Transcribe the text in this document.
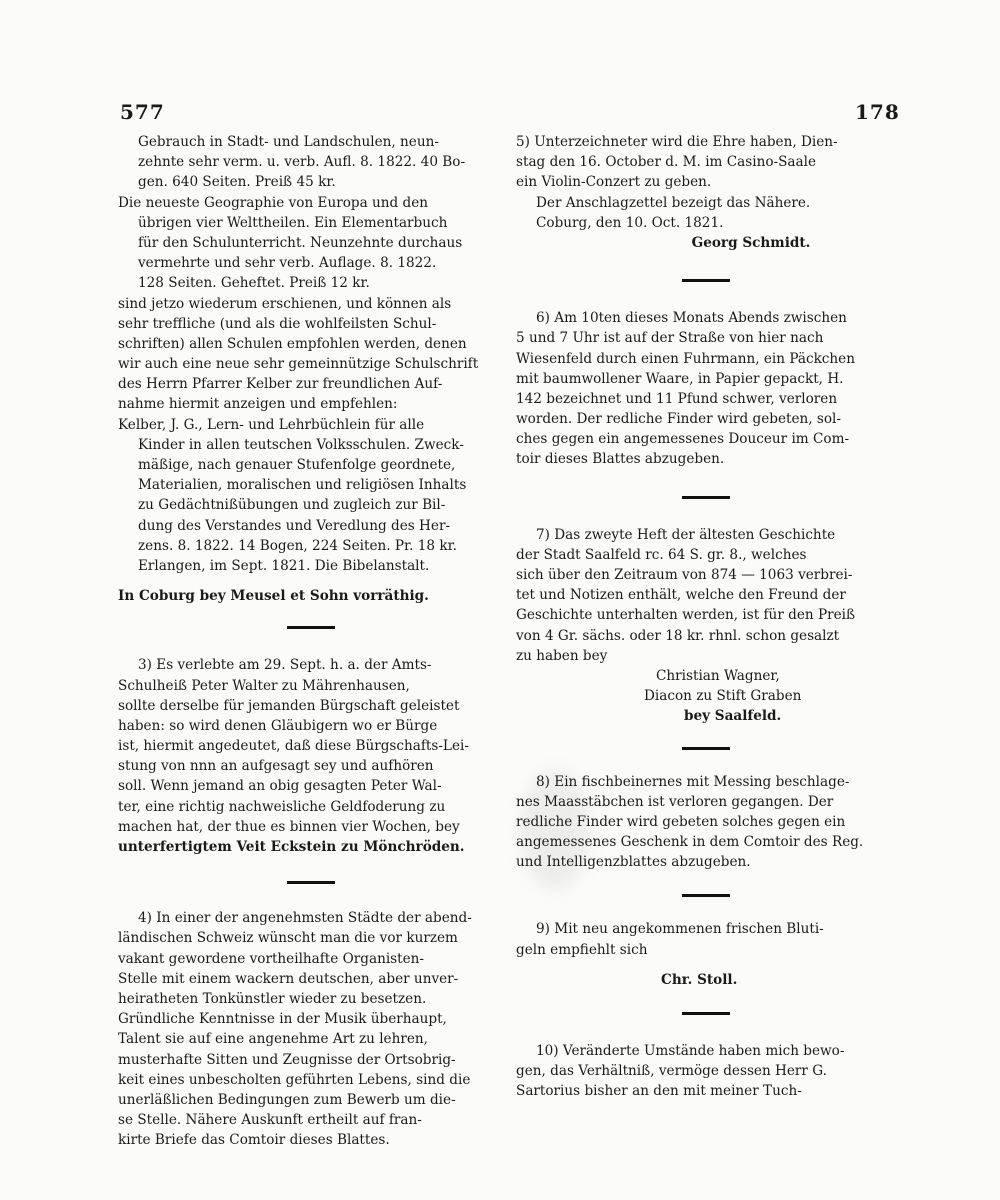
577	178
Gebrauch in Stadt- und Landschulen, neun-
zehnte sehr verm. u. verb. Aufl. 8. 1822. 40 Bo-
gen. 640 Seiten. Preiß 45 kr.
Die neueste Geographie von Europa und den
übrigen vier Welttheilen. Ein Elementarbuch
für den Schulunterricht. Neunzehnte durchaus
vermehrte und sehr verb. Auflage. 8. 1822.
128 Seiten. Geheftet. Preiß 12 kr.
sind jetzo wiederum erschienen, und können als
sehr treffliche (und als die wohlfeilsten Schul-
schriften) allen Schulen empfohlen werden, denen
wir auch eine neue sehr gemeinnützige Schulschrift
des Herrn Pfarrer Kelber zur freundlichen Auf-
nahme hiermit anzeigen und empfehlen:
Kelber, J. G., Lern- und Lehrbüchlein für alle
Kinder in allen teutschen Volksschulen. Zweck-
mäßige, nach genauer Stufenfolge geordnete,
Materialien, moralischen und religiösen Inhalts
zu Gedächtnißübungen und zugleich zur Bil-
dung des Verstandes und Veredlung des Her-
zens. 8. 1822. 14 Bogen, 224 Seiten. Pr. 18 kr.
Erlangen, im Sept. 1821. Die Bibelanstalt.
In Coburg bey Meusel et Sohn vorräthig.
3) Es verlebte am 29. Sept. h. a. der Amts-
Schulheiß Peter Walter zu Mährenhausen,
sollte derselbe für jemanden Bürgschaft geleistet
haben: so wird denen Gläubigern wo er Bürge
ist, hiermit angedeutet, daß diese Bürgschafts-Lei-
stung von nnn an aufgesagt sey und aufhören
soll. Wenn jemand an obig gesagten Peter Wal-
ter, eine richtig nachweisliche Geldfoderung zu
machen hat, der thue es binnen vier Wochen, bey
unterfertigtem Veit Eckstein zu Mönchröden.
4) In einer der angenehmsten Städte der abend-
ländischen Schweiz wünscht man die vor kurzem
vakant gewordene vortheilhafte Organisten-
Stelle mit einem wackern deutschen, aber unver-
heiratheten Tonkünstler wieder zu besetzen.
Gründliche Kenntnisse in der Musik überhaupt,
Talent sie auf eine angenehme Art zu lehren,
musterhafte Sitten und Zeugnisse der Ortsobrig-
keit eines unbescholten geführten Lebens, sind die
unerläßlichen Bedingungen zum Bewerb um die-
se Stelle. Nähere Auskunft ertheilt auf fran-
kirte Briefe das Comtoir dieses Blattes.
5) Unterzeichneter wird die Ehre haben, Dien-
stag den 16. October d. M. im Casino-Saale
ein Violin-Conzert zu geben.
Der Anschlagzettel bezeigt das Nähere.
Coburg, den 10. Oct. 1821.
Georg Schmidt.
6) Am 10ten dieses Monats Abends zwischen
5 und 7 Uhr ist auf der Straße von hier nach
Wiesenfeld durch einen Fuhrmann, ein Päckchen
mit baumwollener Waare, in Papier gepackt, H.
142 bezeichnet und 11 Pfund schwer, verloren
worden. Der redliche Finder wird gebeten, sol-
ches gegen ein angemessenes Douceur im Com-
toir dieses Blattes abzugeben.
7) Das zweyte Heft der ältesten Geschichte
der Stadt Saalfeld rc. 64 S. gr. 8., welches
sich über den Zeitraum von 874 — 1063 verbrei-
tet und Notizen enthält, welche den Freund der
Geschichte unterhalten werden, ist für den Preiß
von 4 Gr. sächs. oder 18 kr. rhnl. schon gesalzt
zu haben bey
Christian Wagner,
Diacon zu Stift Graben
bey Saalfeld.
8) Ein fischbeinernes mit Messing beschlage-
nes Maasstäbchen ist verloren gegangen. Der
redliche Finder wird gebeten solches gegen ein
angemessenes Geschenk in dem Comtoir des Reg.
und Intelligenzblattes abzugeben.
9) Mit neu angekommenen frischen Bluti-
geln empfiehlt sich
Chr. Stoll.
10) Veränderte Umstände haben mich bewo-
gen, das Verhältniß, vermöge dessen Herr G.
Sartorius bisher an den mit meiner Tuch-
